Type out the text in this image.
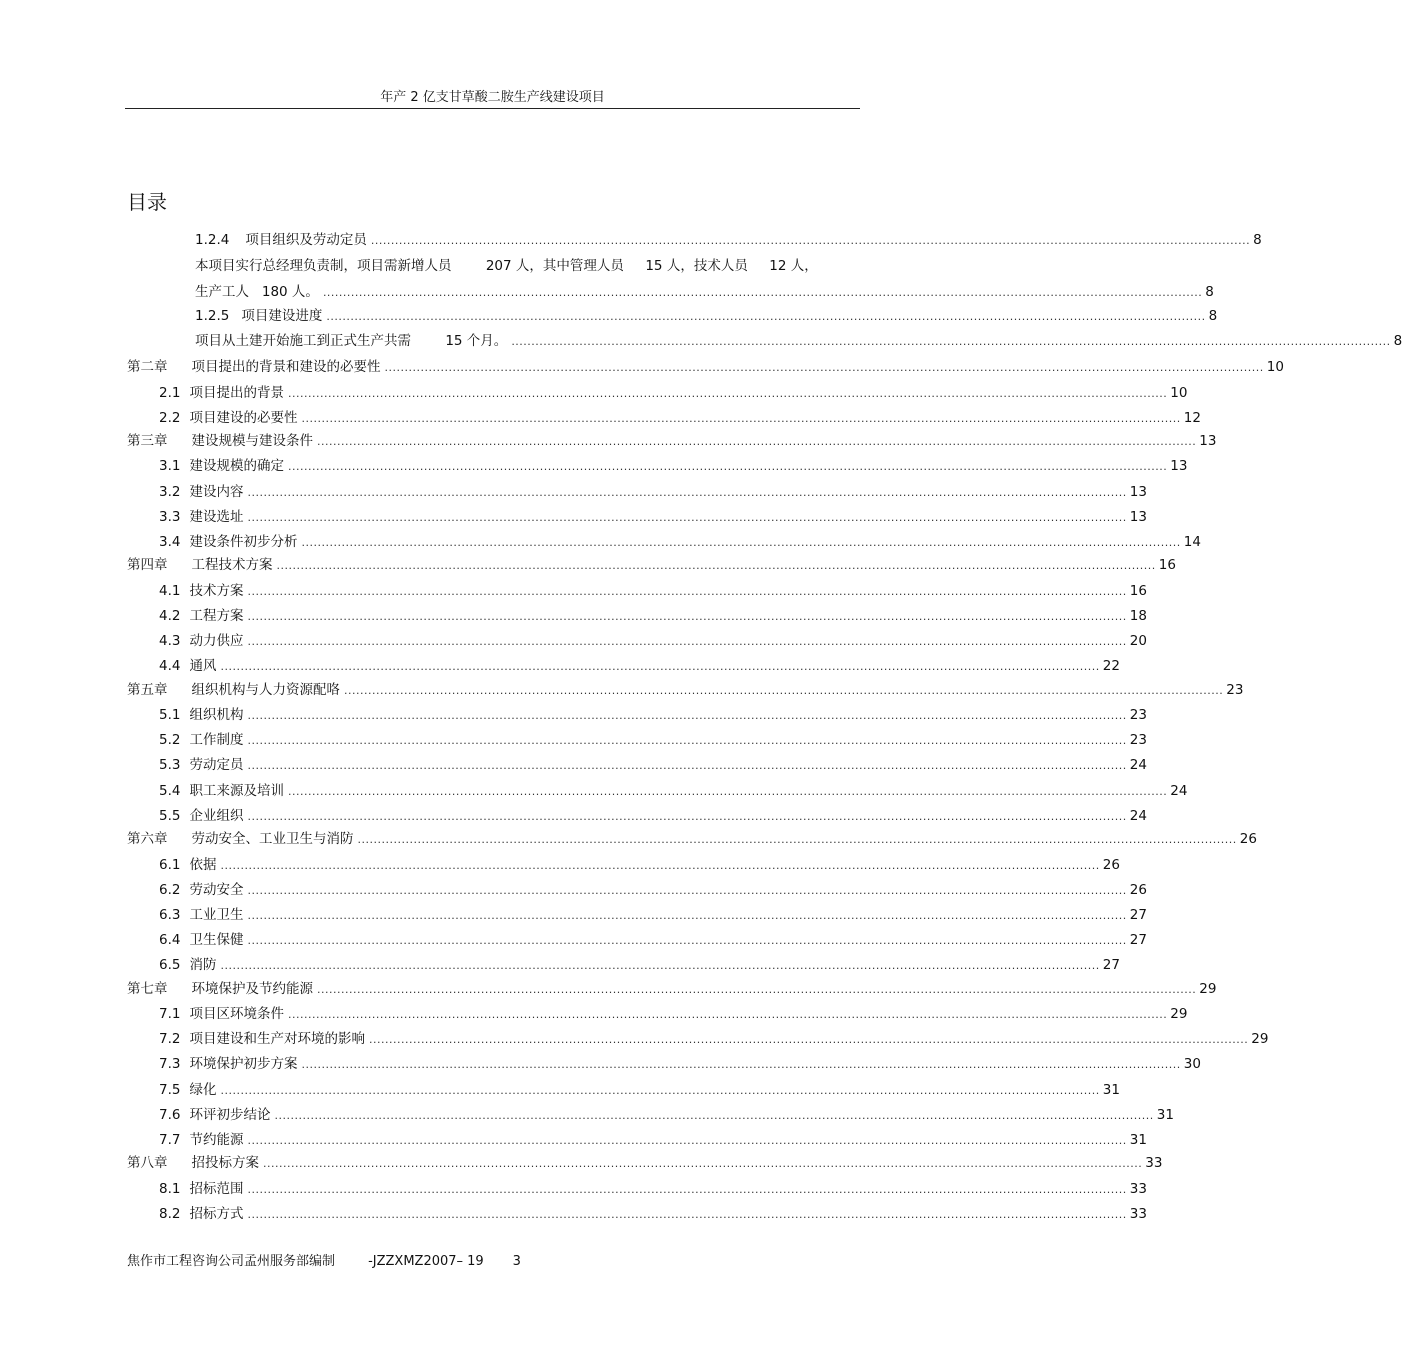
年产 2 亿支甘草酸二胺生产线建设项目
目录
1.2.4 项目组织及劳动定员 ............................................................................................................................................................................................................................ 8
本项目实行总经理负责制，项目需新增人员        207 人，其中管理人员     15 人，技术人员     12 人，
生产工人   180 人。 ............................................................................................................................................................................................................................ 8
1.2.5 项目建设进度 ............................................................................................................................................................................................................................ 8
项目从土建开始施工到正式生产共需        15 个月。 ............................................................................................................................................................................................................................ 8
第二章 项目提出的背景和建设的必要性 ............................................................................................................................................................................................................................ 10
2.1 项目提出的背景 ............................................................................................................................................................................................................................ 10
2.2 项目建设的必要性 ............................................................................................................................................................................................................................ 12
第三章 建设规模与建设条件 ............................................................................................................................................................................................................................ 13
3.1 建设规模的确定 ............................................................................................................................................................................................................................ 13
3.2 建设内容 ............................................................................................................................................................................................................................ 13
3.3 建设选址 ............................................................................................................................................................................................................................ 13
3.4 建设条件初步分析 ............................................................................................................................................................................................................................ 14
第四章 工程技术方案 ............................................................................................................................................................................................................................ 16
4.1 技术方案 ............................................................................................................................................................................................................................ 16
4.2 工程方案 ............................................................................................................................................................................................................................ 18
4.3 动力供应 ............................................................................................................................................................................................................................ 20
4.4 通风 ............................................................................................................................................................................................................................ 22
第五章 组织机构与人力资源配咯 ............................................................................................................................................................................................................................ 23
5.1 组织机构 ............................................................................................................................................................................................................................ 23
5.2 工作制度 ............................................................................................................................................................................................................................ 23
5.3 劳动定员 ............................................................................................................................................................................................................................ 24
5.4 职工来源及培训 ............................................................................................................................................................................................................................ 24
5.5 企业组织 ............................................................................................................................................................................................................................ 24
第六章 劳动安全、工业卫生与消防 ............................................................................................................................................................................................................................ 26
6.1 依据 ............................................................................................................................................................................................................................ 26
6.2 劳动安全 ............................................................................................................................................................................................................................ 26
6.3 工业卫生 ............................................................................................................................................................................................................................ 27
6.4 卫生保健 ............................................................................................................................................................................................................................ 27
6.5 消防 ............................................................................................................................................................................................................................ 27
第七章 环境保护及节约能源 ............................................................................................................................................................................................................................ 29
7.1 项目区环境条件 ............................................................................................................................................................................................................................ 29
7.2 项目建设和生产对环境的影响 ............................................................................................................................................................................................................................ 29
7.3 环境保护初步方案 ............................................................................................................................................................................................................................ 30
7.5 绿化 ............................................................................................................................................................................................................................ 31
7.6 环评初步结论 ............................................................................................................................................................................................................................ 31
7.7 节约能源 ............................................................................................................................................................................................................................ 31
第八章 招投标方案 ............................................................................................................................................................................................................................ 33
8.1 招标范围 ............................................................................................................................................................................................................................ 33
8.2 招标方式 ............................................................................................................................................................................................................................ 33
焦作市工程咨询公司孟州服务部编制	-JZZXMZ2007– 19 3
